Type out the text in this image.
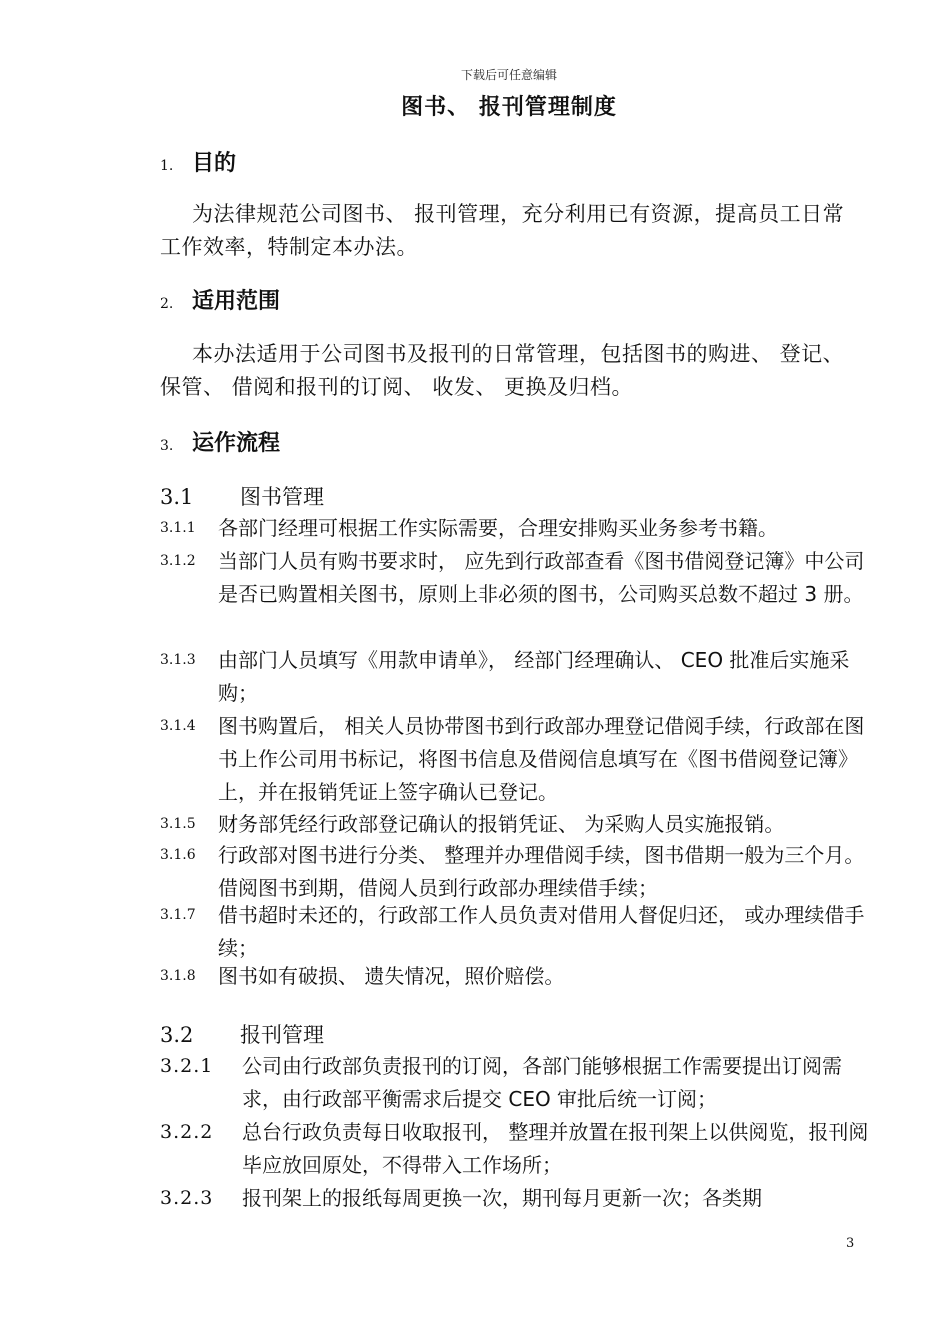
下载后可任意编辑
图书、 报刊管理制度
1. 目的
为法律规范公司图书、 报刊管理，充分利用已有资源，提高员工日常工作效率，特制定本办法。
2. 适用范围
本办法适用于公司图书及报刊的日常管理，包括图书的购进、 登记、 保管、 借阅和报刊的订阅、 收发、 更换及归档。
3. 运作流程
3.1 图书管理
3.1.1	各部门经理可根据工作实际需要，合理安排购买业务参考书籍。
3.1.2	当部门人员有购书要求时， 应先到行政部查看《图书借阅登记簿》中公司是否已购置相关图书，原则上非必须的图书，公司购买总数不超过 3 册。
3.1.3	由部门人员填写《用款申请单》， 经部门经理确认、 CEO 批准后实施采购；
3.1.4	图书购置后， 相关人员协带图书到行政部办理登记借阅手续，行政部在图书上作公司用书标记，将图书信息及借阅信息填写在《图书借阅登记簿》上，并在报销凭证上签字确认已登记。
3.1.5	财务部凭经行政部登记确认的报销凭证、 为采购人员实施报销。
3.1.6	行政部对图书进行分类、 整理并办理借阅手续，图书借期一般为三个月。借阅图书到期，借阅人员到行政部办理续借手续；
3.1.7	借书超时未还的，行政部工作人员负责对借用人督促归还， 或办理续借手续；
3.1.8	图书如有破损、 遗失情况，照价赔偿。
3.2 报刊管理
3.2.1	公司由行政部负责报刊的订阅，各部门能够根据工作需要提出订阅需求，由行政部平衡需求后提交 CEO 审批后统一订阅；
3.2.2	总台行政负责每日收取报刊， 整理并放置在报刊架上以供阅览，报刊阅毕应放回原处，不得带入工作场所；
3.2.3	报刊架上的报纸每周更换一次，期刊每月更新一次；各类期
3
